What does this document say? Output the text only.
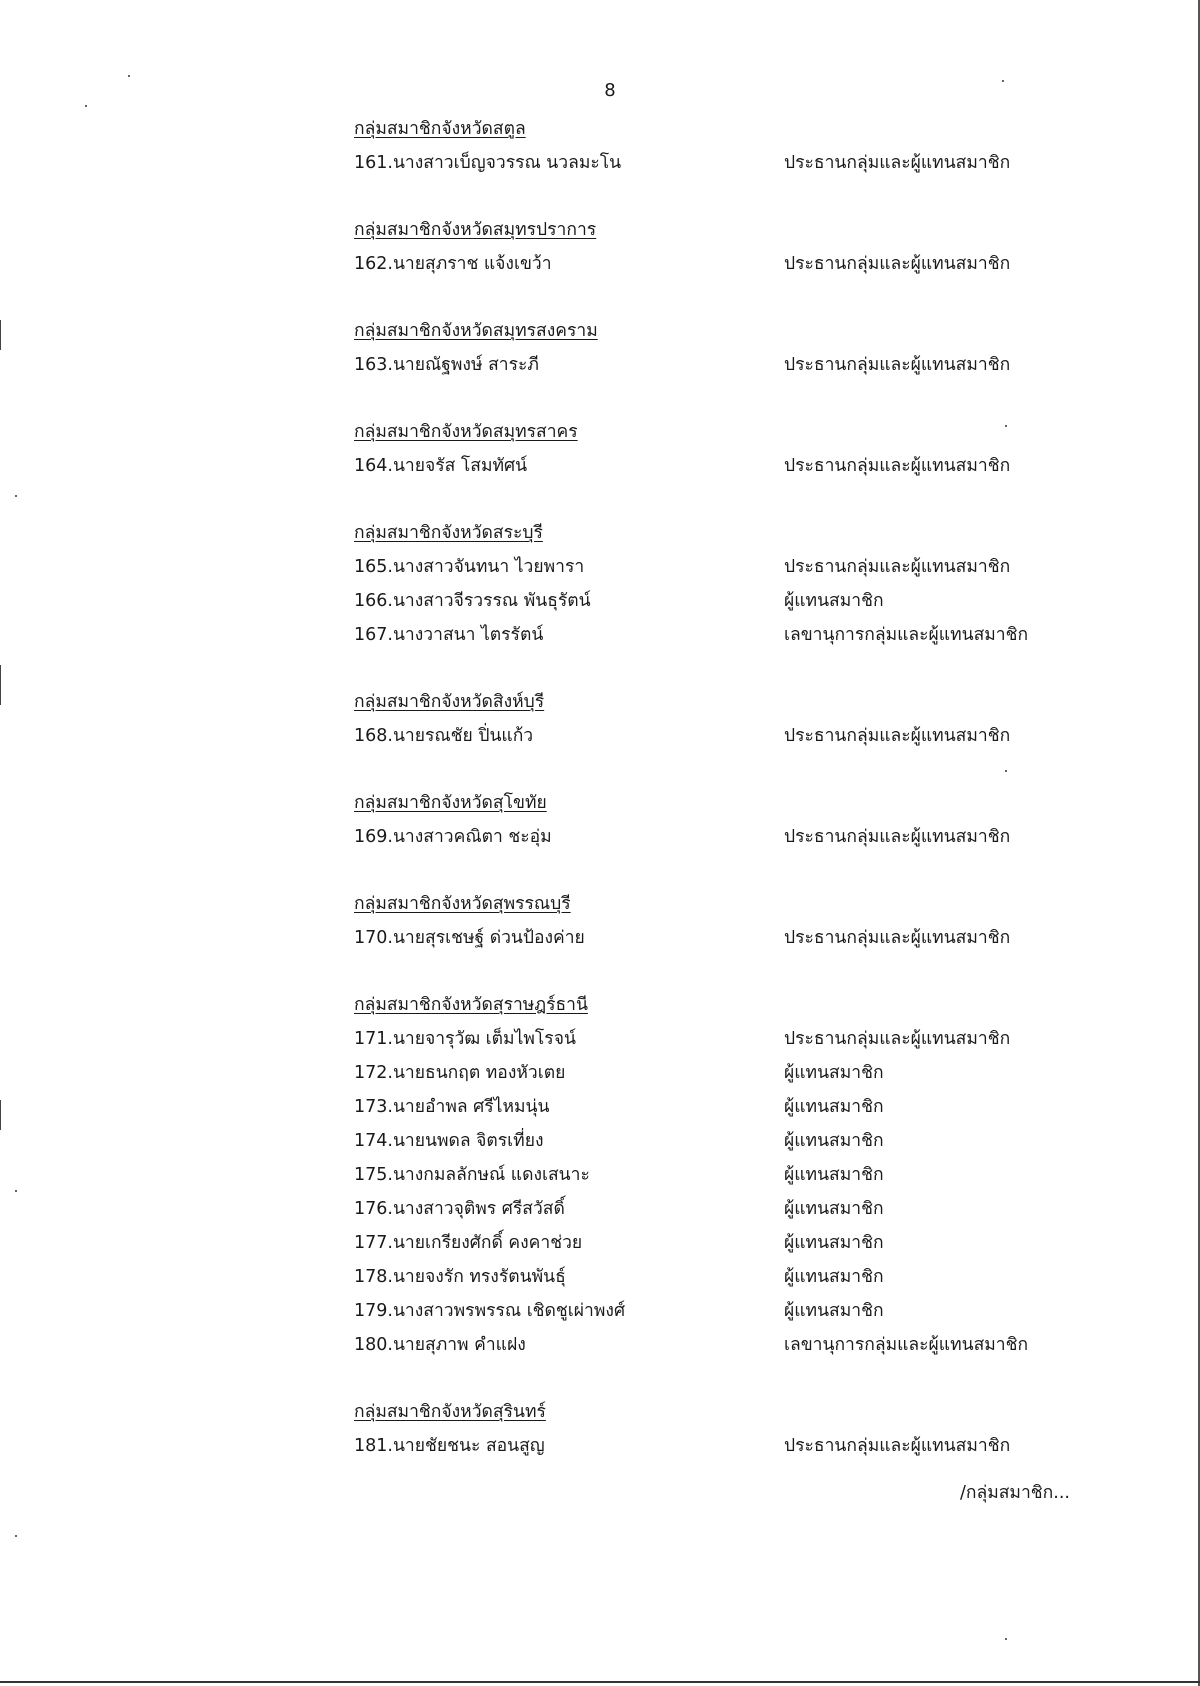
8
กลุ่มสมาชิกจังหวัดสตูล
161.นางสาวเบ็ญจวรรณ นวลมะโน	ประธานกลุ่มและผู้แทนสมาชิก
กลุ่มสมาชิกจังหวัดสมุทรปราการ
162.นายสุภราช แจ้งเขว้า	ประธานกลุ่มและผู้แทนสมาชิก
กลุ่มสมาชิกจังหวัดสมุทรสงคราม
163.นายณัฐพงษ์ สาระภี	ประธานกลุ่มและผู้แทนสมาชิก
กลุ่มสมาชิกจังหวัดสมุทรสาคร
164.นายจรัส โสมทัศน์	ประธานกลุ่มและผู้แทนสมาชิก
กลุ่มสมาชิกจังหวัดสระบุรี
165.นางสาวจันทนา ไวยพารา	ประธานกลุ่มและผู้แทนสมาชิก
166.นางสาวจีรวรรณ พันธุรัตน์	ผู้แทนสมาชิก
167.นางวาสนา ไตรรัตน์	เลขานุการกลุ่มและผู้แทนสมาชิก
กลุ่มสมาชิกจังหวัดสิงห์บุรี
168.นายรณชัย ปิ่นแก้ว	ประธานกลุ่มและผู้แทนสมาชิก
กลุ่มสมาชิกจังหวัดสุโขทัย
169.นางสาวคณิตา ชะอุ่ม	ประธานกลุ่มและผู้แทนสมาชิก
กลุ่มสมาชิกจังหวัดสุพรรณบุรี
170.นายสุรเชษฐ์ ด่วนป้องค่าย	ประธานกลุ่มและผู้แทนสมาชิก
กลุ่มสมาชิกจังหวัดสุราษฎร์ธานี
171.นายจารุวัฒ เต็มไพโรจน์	ประธานกลุ่มและผู้แทนสมาชิก
172.นายธนกฤต ทองหัวเตย	ผู้แทนสมาชิก
173.นายอำพล ศรีไหมนุ่น	ผู้แทนสมาชิก
174.นายนพดล จิตรเที่ยง	ผู้แทนสมาชิก
175.นางกมลลักษณ์ แดงเสนาะ	ผู้แทนสมาชิก
176.นางสาวจุติพร ศรีสวัสดิ์	ผู้แทนสมาชิก
177.นายเกรียงศักดิ์ คงคาช่วย	ผู้แทนสมาชิก
178.นายจงรัก ทรงรัตนพันธุ์	ผู้แทนสมาชิก
179.นางสาวพรพรรณ เชิดชูเผ่าพงศ์	ผู้แทนสมาชิก
180.นายสุภาพ คำแฝง	เลขานุการกลุ่มและผู้แทนสมาชิก
กลุ่มสมาชิกจังหวัดสุรินทร์
181.นายชัยชนะ สอนสูญ	ประธานกลุ่มและผู้แทนสมาชิก
/กลุ่มสมาชิก...
